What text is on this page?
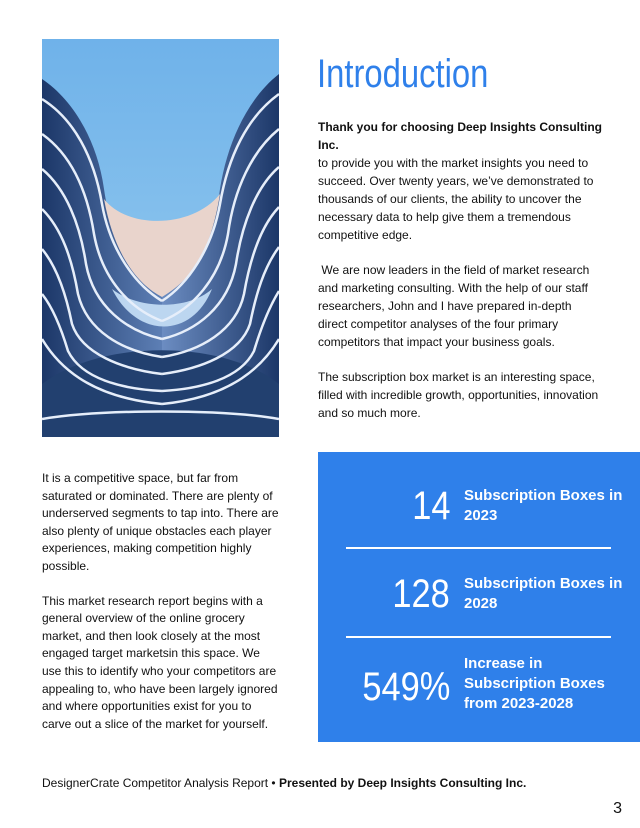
Introduction

Thank you for choosing Deep Insights Consulting Inc.
to provide you with the market insights you need to succeed. Over twenty years, we’ve demonstrated to thousands of our clients, the ability to uncover the necessary data to help give them a tremendous competitive edge.

We are now leaders in the field of market research and marketing consulting. With the help of our staff researchers, John and I have prepared in-depth direct competitor analyses of the four primary competitors that impact your business goals.

The subscription box market is an interesting space, filled with incredible growth, opportunities, innovation and so much more.

It is a competitive space, but far from saturated or dominated. There are plenty of underserved segments to tap into. There are also plenty of unique obstacles each player experiences, making competition highly possible.

This market research report begins with a general overview of the online grocery market, and then look closely at the most engaged target marketsin this space. We use this to identify who your competitors are appealing to, who have been largely ignored and where opportunities exist for you to carve out a slice of the market for yourself.

14 Subscription Boxes in 2023
128 Subscription Boxes in 2028
549%
Increase in Subscription Boxes from 2023-2028
DesignerCrate Competitor Analysis Report • Presented by Deep Insights Consulting Inc.
3
